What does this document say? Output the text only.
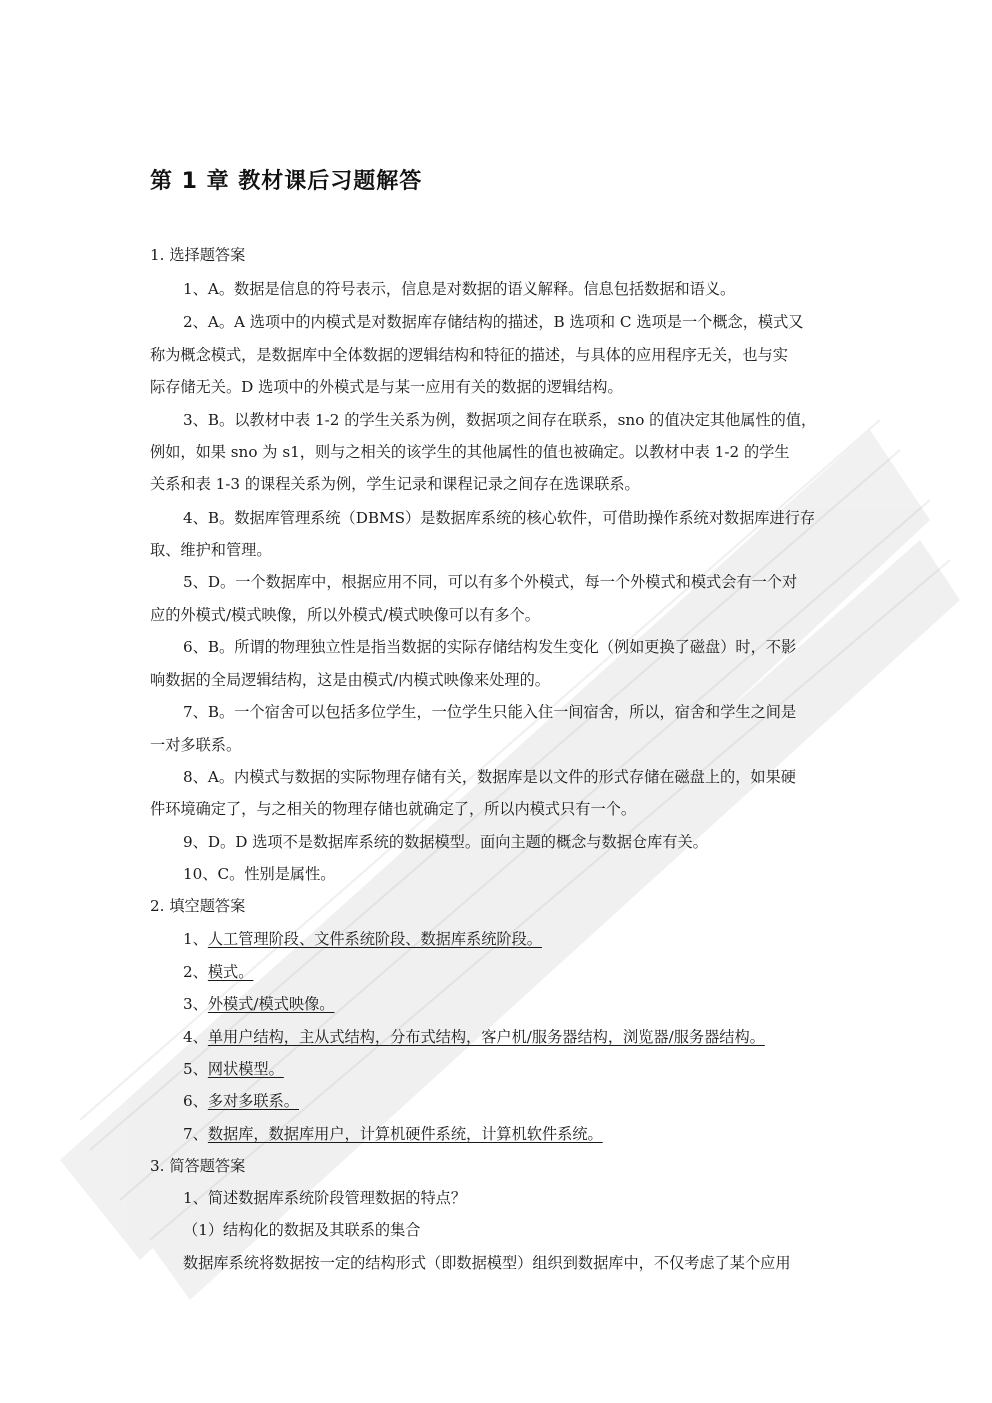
第 1 章 教材课后习题解答
1. 选择题答案
1、A。数据是信息的符号表示，信息是对数据的语义解释。信息包括数据和语义。
2、A。A 选项中的内模式是对数据库存储结构的描述，B 选项和 C 选项是一个概念，模式又
称为概念模式，是数据库中全体数据的逻辑结构和特征的描述，与具体的应用程序无关，也与实
际存储无关。D 选项中的外模式是与某一应用有关的数据的逻辑结构。
3、B。以教材中表 1-2 的学生关系为例，数据项之间存在联系，sno 的值决定其他属性的值，
例如，如果 sno 为 s1，则与之相关的该学生的其他属性的值也被确定。以教材中表 1-2 的学生
关系和表 1-3 的课程关系为例，学生记录和课程记录之间存在选课联系。
4、B。数据库管理系统（DBMS）是数据库系统的核心软件，可借助操作系统对数据库进行存
取、维护和管理。
5、D。一个数据库中，根据应用不同，可以有多个外模式，每一个外模式和模式会有一个对
应的外模式/模式映像，所以外模式/模式映像可以有多个。
6、B。所谓的物理独立性是指当数据的实际存储结构发生变化（例如更换了磁盘）时，不影
响数据的全局逻辑结构，这是由模式/内模式映像来处理的。
7、B。一个宿舍可以包括多位学生，一位学生只能入住一间宿舍，所以，宿舍和学生之间是
一对多联系。
8、A。内模式与数据的实际物理存储有关，数据库是以文件的形式存储在磁盘上的，如果硬
件环境确定了，与之相关的物理存储也就确定了，所以内模式只有一个。
9、D。D 选项不是数据库系统的数据模型。面向主题的概念与数据仓库有关。
10、C。性别是属性。
2. 填空题答案
1、人工管理阶段、文件系统阶段、数据库系统阶段。
2、模式。
3、外模式/模式映像。
4、单用户结构，主从式结构，分布式结构，客户机/服务器结构，浏览器/服务器结构。
5、网状模型。
6、多对多联系。
7、数据库，数据库用户，计算机硬件系统，计算机软件系统。
3. 简答题答案
1、简述数据库系统阶段管理数据的特点？
（1）结构化的数据及其联系的集合
数据库系统将数据按一定的结构形式（即数据模型）组织到数据库中，不仅考虑了某个应用
